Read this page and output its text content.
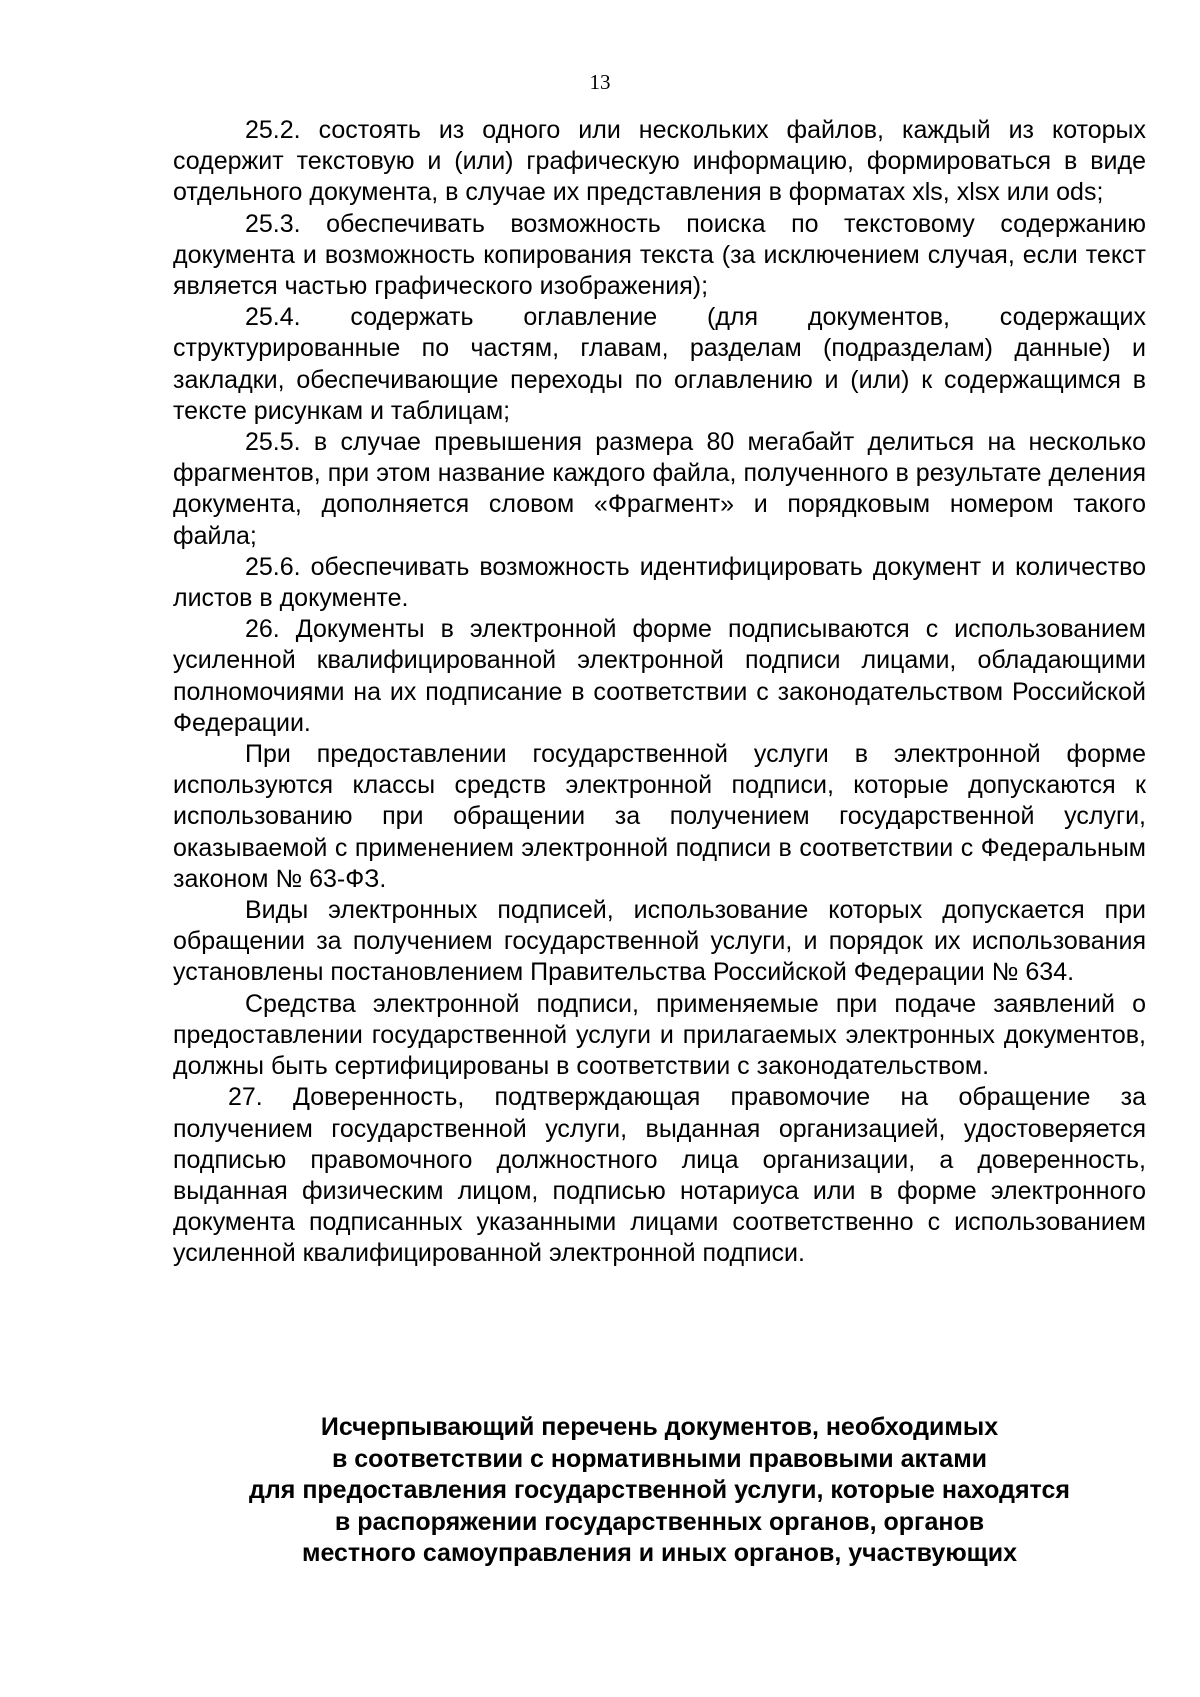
13

25.2. состоять из одного или нескольких файлов, каждый из которых содержит текстовую и (или) графическую информацию, формироваться в виде отдельного документа, в случае их представления в форматах xls, xlsx или ods;

25.3. обеспечивать возможность поиска по текстовому содержанию документа и возможность копирования текста (за исключением случая, если текст является частью графического изображения);

25.4. содержать оглавление (для документов, содержащих структурированные по частям, главам, разделам (подразделам) данные) и закладки, обеспечивающие переходы по оглавлению и (или) к содержащимся в тексте рисункам и таблицам;

25.5. в случае превышения размера 80 мегабайт делиться на несколько фрагментов, при этом название каждого файла, полученного в результате деления документа, дополняется словом «Фрагмент» и порядковым номером такого файла;

25.6. обеспечивать возможность идентифицировать документ и количество листов в документе.

26. Документы в электронной форме подписываются с использованием усиленной квалифицированной электронной подписи лицами, обладающими полномочиями на их подписание в соответствии с законодательством Российской Федерации.

При предоставлении государственной услуги в электронной форме используются классы средств электронной подписи, которые допускаются к использованию при обращении за получением государственной услуги, оказываемой с применением электронной подписи в соответствии с Федеральным законом № 63-ФЗ.

Виды электронных подписей, использование которых допускается при обращении за получением государственной услуги, и порядок их использования установлены постановлением Правительства Российской Федерации № 634.

Средства электронной подписи, применяемые при подаче заявлений о предоставлении государственной услуги и прилагаемых электронных документов, должны быть сертифицированы в соответствии с законодательством.

27. Доверенность, подтверждающая правомочие на обращение за получением государственной услуги, выданная организацией, удостоверяется подписью правомочного должностного лица организации, а доверенность, выданная физическим лицом, подписью нотариуса или в форме электронного документа подписанных указанными лицами соответственно с использованием усиленной квалифицированной электронной подписи.

Исчерпывающий перечень документов, необходимых
в соответствии с нормативными правовыми актами
для предоставления государственной услуги, которые находятся
в распоряжении государственных органов, органов
местного самоуправления и иных органов, участвующих
